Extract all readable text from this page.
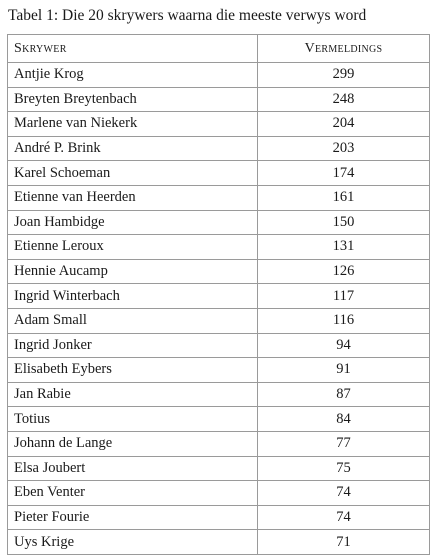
Tabel 1: Die 20 skrywers waarna die meeste verwys word
Skrywer	Vermeldings
Antjie Krog	299
Breyten Breytenbach	248
Marlene van Niekerk	204
André P. Brink	203
Karel Schoeman	174
Etienne van Heerden	161
Joan Hambidge	150
Etienne Leroux	131
Hennie Aucamp	126
Ingrid Winterbach	117
Adam Small	116
Ingrid Jonker	94
Elisabeth Eybers	91
Jan Rabie	87
Totius	84
Johann de Lange	77
Elsa Joubert	75
Eben Venter	74
Pieter Fourie	74
Uys Krige	71
